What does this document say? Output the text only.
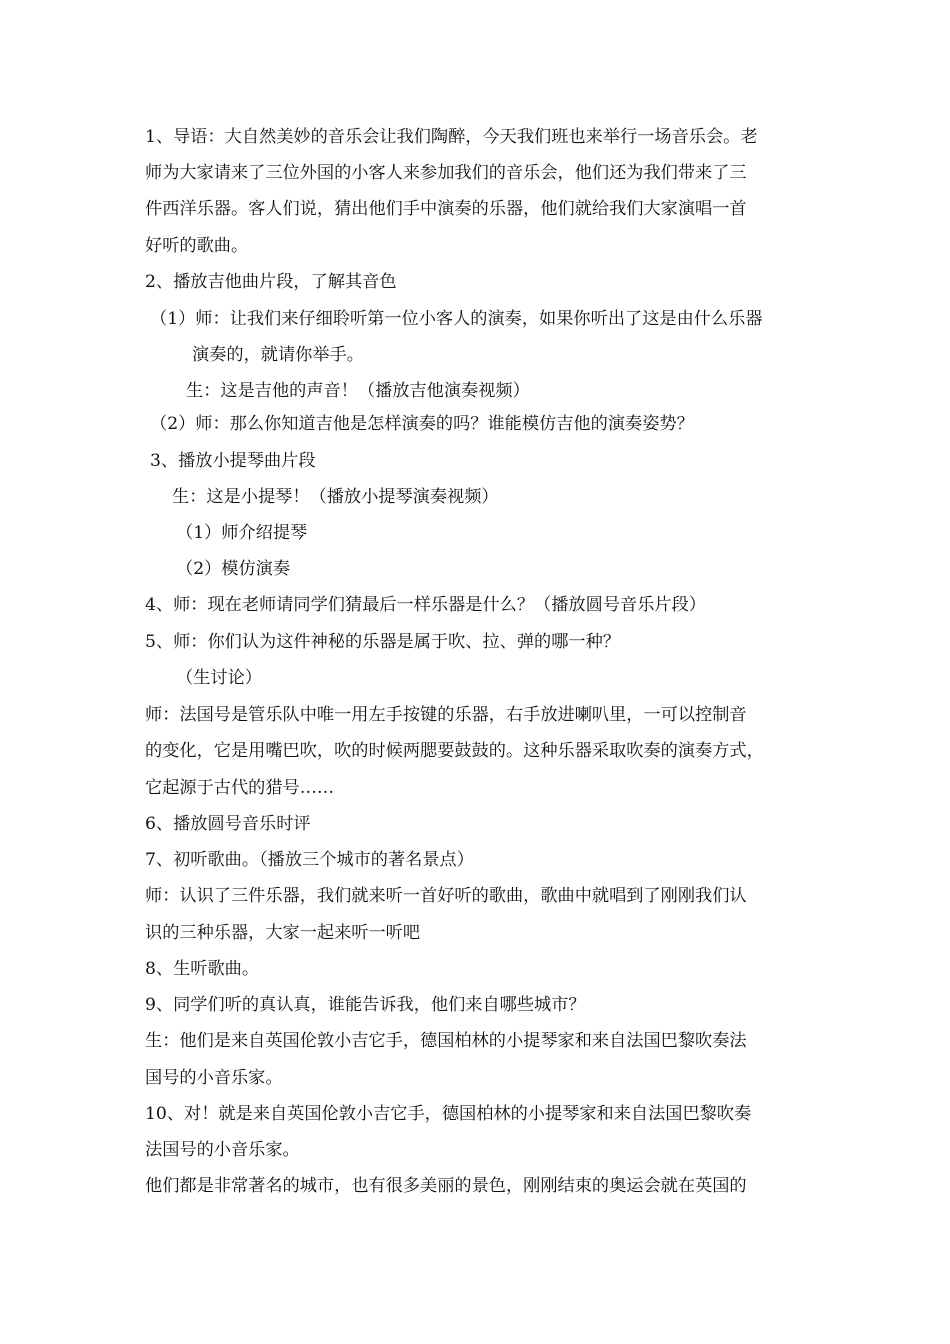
1、导语：大自然美妙的音乐会让我们陶醉，今天我们班也来举行一场音乐会。老
师为大家请来了三位外国的小客人来参加我们的音乐会，他们还为我们带来了三
件西洋乐器。客人们说，猜出他们手中演奏的乐器，他们就给我们大家演唱一首
好听的歌曲。
2、播放吉他曲片段，了解其音色
（1）师：让我们来仔细聆听第一位小客人的演奏，如果你听出了这是由什么乐器
演奏的，就请你举手。
生：这是吉他的声音！（播放吉他演奏视频）
（2）师：那么你知道吉他是怎样演奏的吗？谁能模仿吉他的演奏姿势？
3、播放小提琴曲片段
生：这是小提琴！（播放小提琴演奏视频）
（1）师介绍提琴
（2）模仿演奏
4、师：现在老师请同学们猜最后一样乐器是什么？（播放圆号音乐片段）
5、师：你们认为这件神秘的乐器是属于吹、拉、弹的哪一种？
（生讨论）
师：法国号是管乐队中唯一用左手按键的乐器，右手放进喇叭里，一可以控制音
的变化，它是用嘴巴吹，吹的时候两腮要鼓鼓的。这种乐器采取吹奏的演奏方式，
它起源于古代的猎号……
6、播放圆号音乐时评
7、初听歌曲。（播放三个城市的著名景点）
师：认识了三件乐器，我们就来听一首好听的歌曲，歌曲中就唱到了刚刚我们认
识的三种乐器，大家一起来听一听吧
8、生听歌曲。
9、同学们听的真认真，谁能告诉我，他们来自哪些城市？
生：他们是来自英国伦敦小吉它手，德国柏林的小提琴家和来自法国巴黎吹奏法
国号的小音乐家。
10、对！就是来自英国伦敦小吉它手，德国柏林的小提琴家和来自法国巴黎吹奏
法国号的小音乐家。
他们都是非常著名的城市，也有很多美丽的景色，刚刚结束的奥运会就在英国的
